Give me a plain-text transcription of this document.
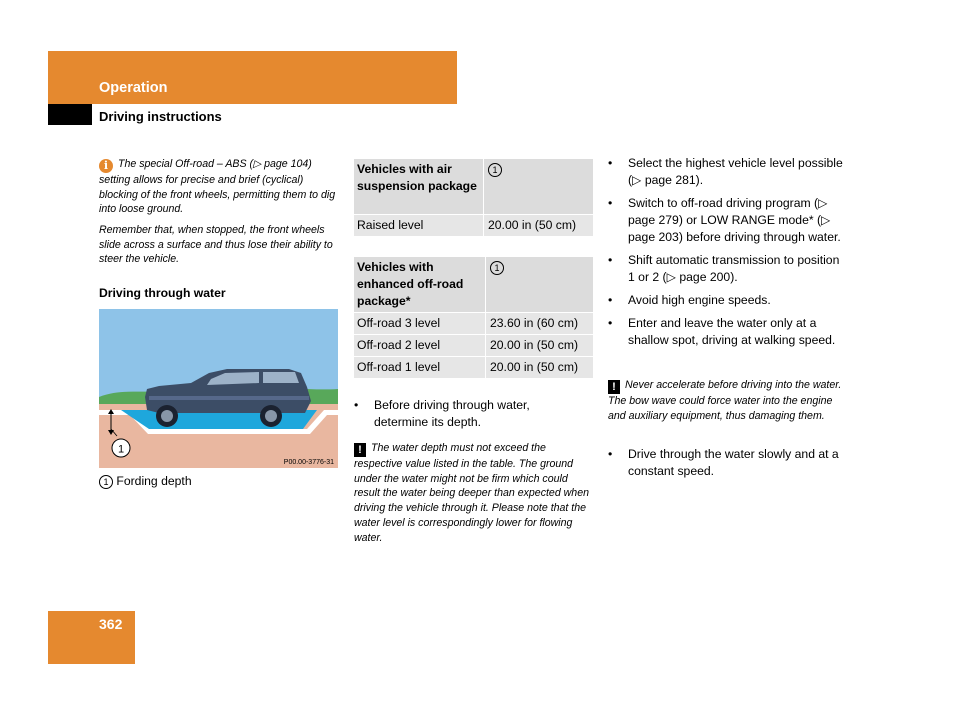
Operation
Driving instructions
i The special Off-road – ABS (▷ page 104) setting allows for precise and brief (cyclical) blocking of the front wheels, permitting them to dig into loose ground.
Remember that, when stopped, the front wheels slide across a surface and thus lose their ability to steer the vehicle.
Driving through water
1
P00.00-3776-31
1 Fording depth
Vehicles with air suspension package	1
Raised level	20.00 in (50 cm)
Vehicles with enhanced off-road package*	1
Off-road 3 level	23.60 in (60 cm)
Off-road 2 level	20.00 in (50 cm)
Off-road 1 level	20.00 in (50 cm)
• Before driving through water, determine its depth.
! The water depth must not exceed the respective value listed in the table. The ground under the water might not be firm which could result the water being deeper than expected when driving the vehicle through it. Please note that the water level is correspondingly lower for flowing water.
• Select the highest vehicle level possible (▷ page 281).
• Switch to off-road driving program (▷ page 279) or LOW RANGE mode* (▷ page 203) before driving through water.
• Shift automatic transmission to position 1 or 2 (▷ page 200).
• Avoid high engine speeds.
• Enter and leave the water only at a shallow spot, driving at walking speed.
! Never accelerate before driving into the water. The bow wave could force water into the engine and auxiliary equipment, thus damaging them.
• Drive through the water slowly and at a constant speed.
362
